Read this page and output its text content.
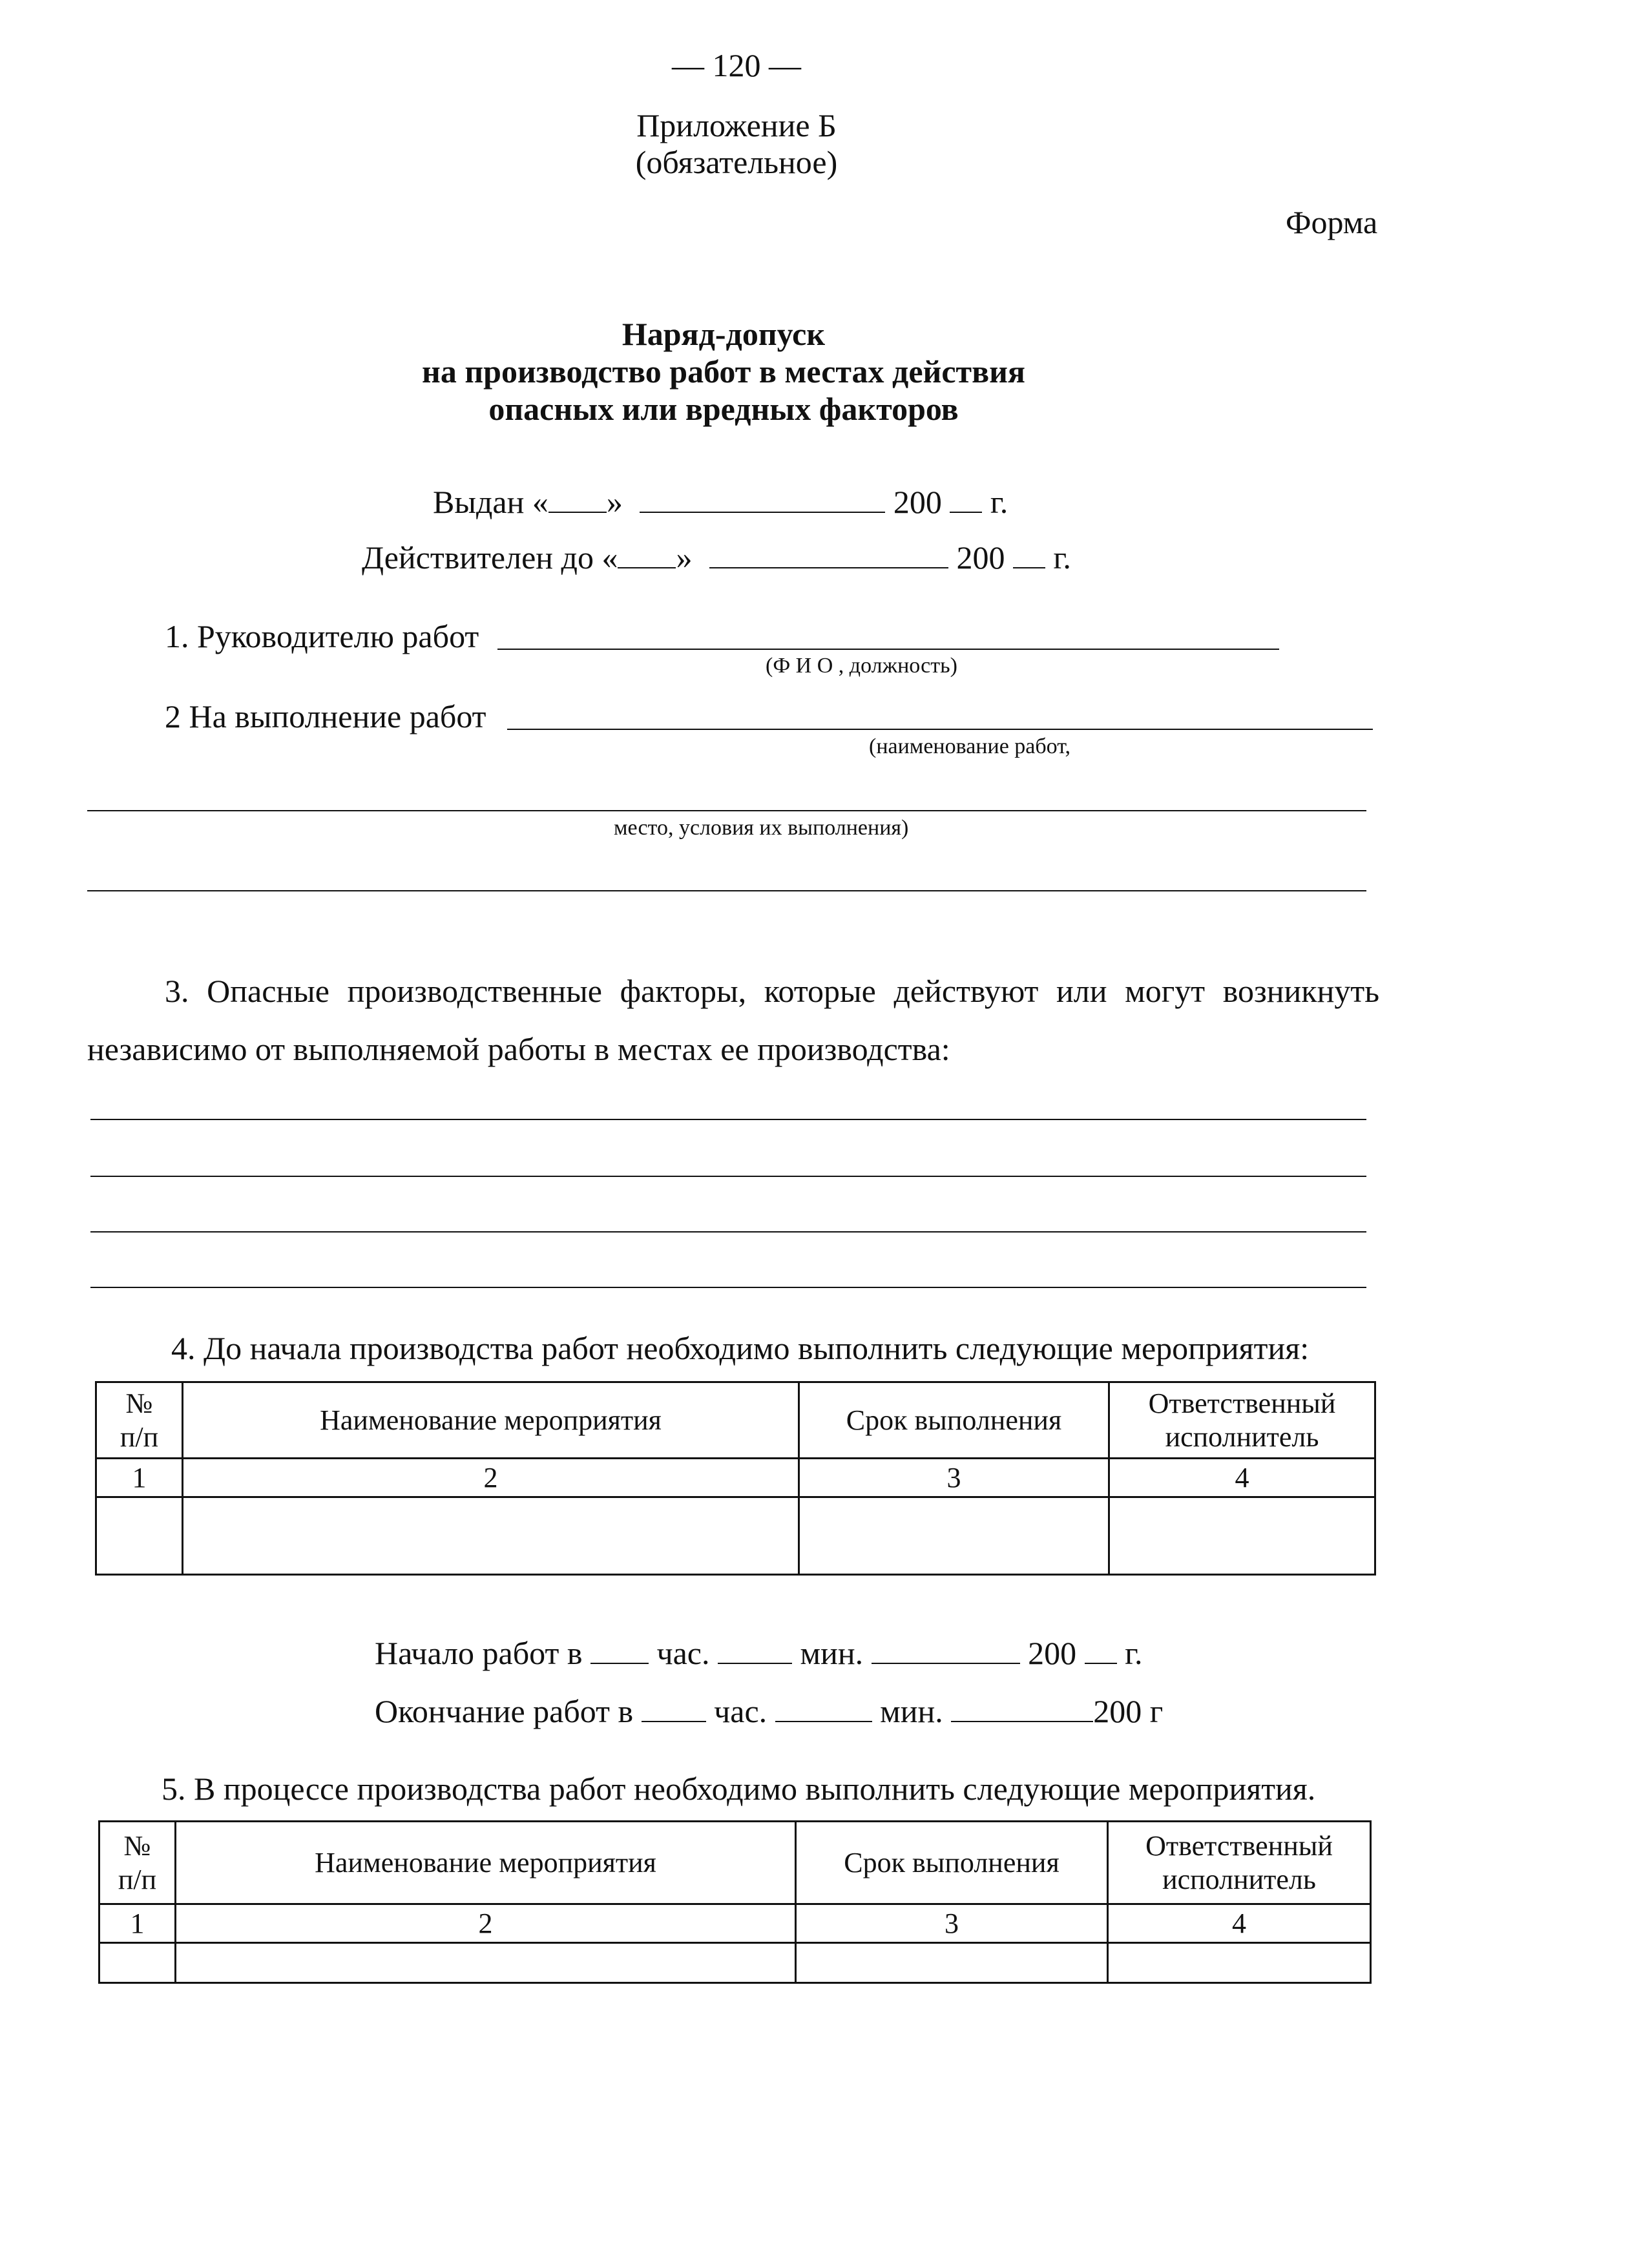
— 120 —
Приложение Б
(обязательное)
Форма
Наряд-допуск
на производство работ в местах действия
опасных или вредных факторов
Выдан « »	200 г.
Действителен до « »	200 г.
1. Руководителю работ
(Ф И О , должность)
2 На выполнение работ
(наименование работ,
место, условия их выполнения)
3. Опасные производственные факторы, которые действуют или могут возникнуть
независимо от выполняемой работы в местах ее производства:
4. До начала производства работ необходимо выполнить следующие мероприятия:
№ п/п	Наименование мероприятия	Срок выполнения	Ответственный исполнитель
1	2	3	4

Начало работ в час.	мин.	200 г.
Окончание работ в	час.	мин.	200 г
5. В процессе производства работ необходимо выполнить следующие мероприятия.
№ п/п	Наименование мероприятия	Срок выполнения	Ответственный исполнитель
1	2	3	4
